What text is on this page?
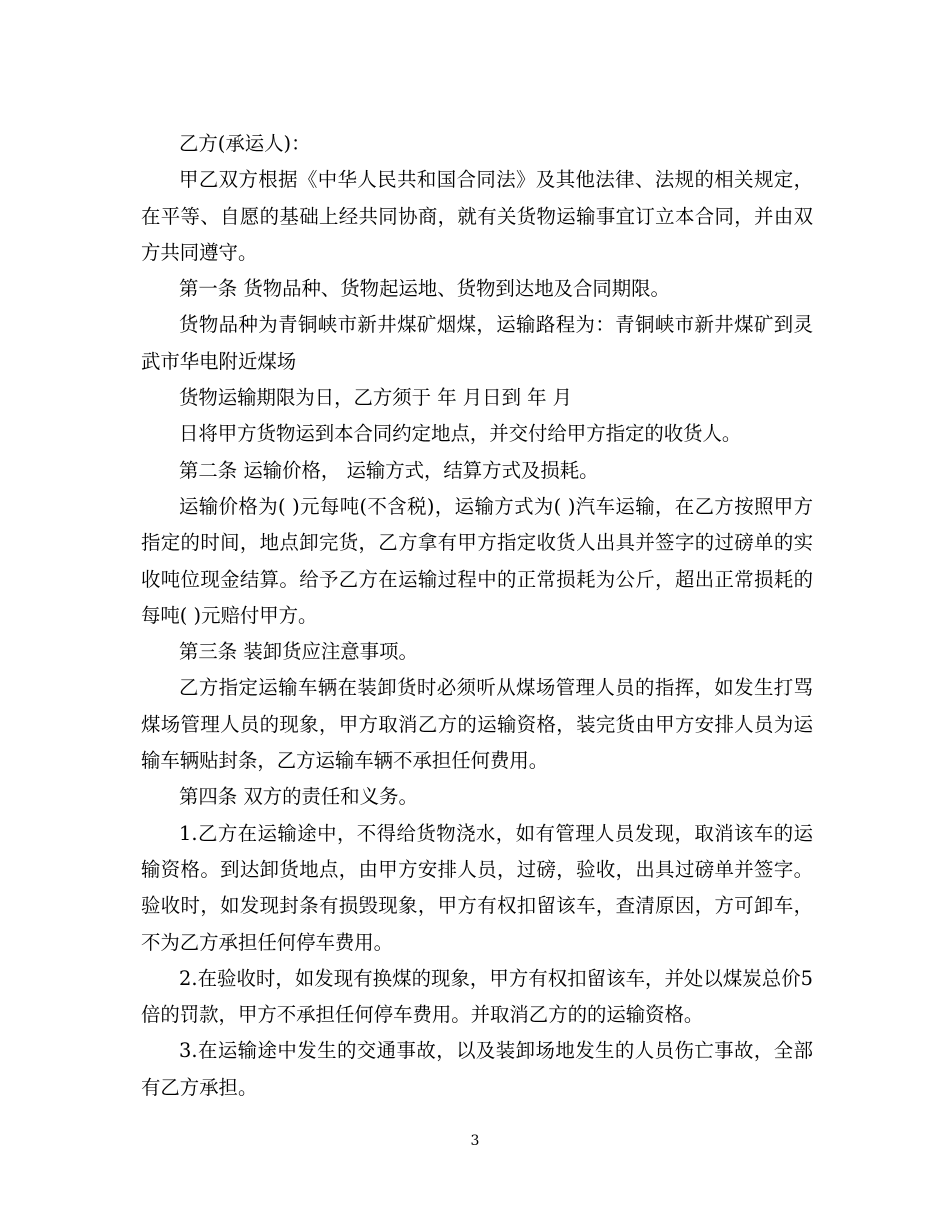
乙方(承运人)：

甲乙双方根据《中华人民共和国合同法》及其他法律、法规的相关规定，在平等、自愿的基础上经共同协商，就有关货物运输事宜订立本合同，并由双方共同遵守。

第一条 货物品种、货物起运地、货物到达地及合同期限。

货物品种为青铜峡市新井煤矿烟煤，运输路程为：青铜峡市新井煤矿到灵武市华电附近煤场

货物运输期限为日，乙方须于 年 月日到 年 月

日将甲方货物运到本合同约定地点，并交付给甲方指定的收货人。

第二条 运输价格， 运输方式，结算方式及损耗。

运输价格为( )元每吨(不含税)，运输方式为( )汽车运输，在乙方按照甲方指定的时间，地点卸完货，乙方拿有甲方指定收货人出具并签字的过磅单的实收吨位现金结算。给予乙方在运输过程中的正常损耗为公斤，超出正常损耗的每吨( )元赔付甲方。

第三条 装卸货应注意事项。

乙方指定运输车辆在装卸货时必须听从煤场管理人员的指挥，如发生打骂煤场管理人员的现象，甲方取消乙方的运输资格，装完货由甲方安排人员为运输车辆贴封条，乙方运输车辆不承担任何费用。

第四条 双方的责任和义务。

1.乙方在运输途中，不得给货物浇水，如有管理人员发现，取消该车的运输资格。到达卸货地点，由甲方安排人员，过磅，验收，出具过磅单并签字。验收时，如发现封条有损毁现象，甲方有权扣留该车，查清原因，方可卸车，不为乙方承担任何停车费用。

2.在验收时，如发现有换煤的现象，甲方有权扣留该车，并处以煤炭总价5倍的罚款，甲方不承担任何停车费用。并取消乙方的的运输资格。

3.在运输途中发生的交通事故，以及装卸场地发生的人员伤亡事故，全部有乙方承担。

3
